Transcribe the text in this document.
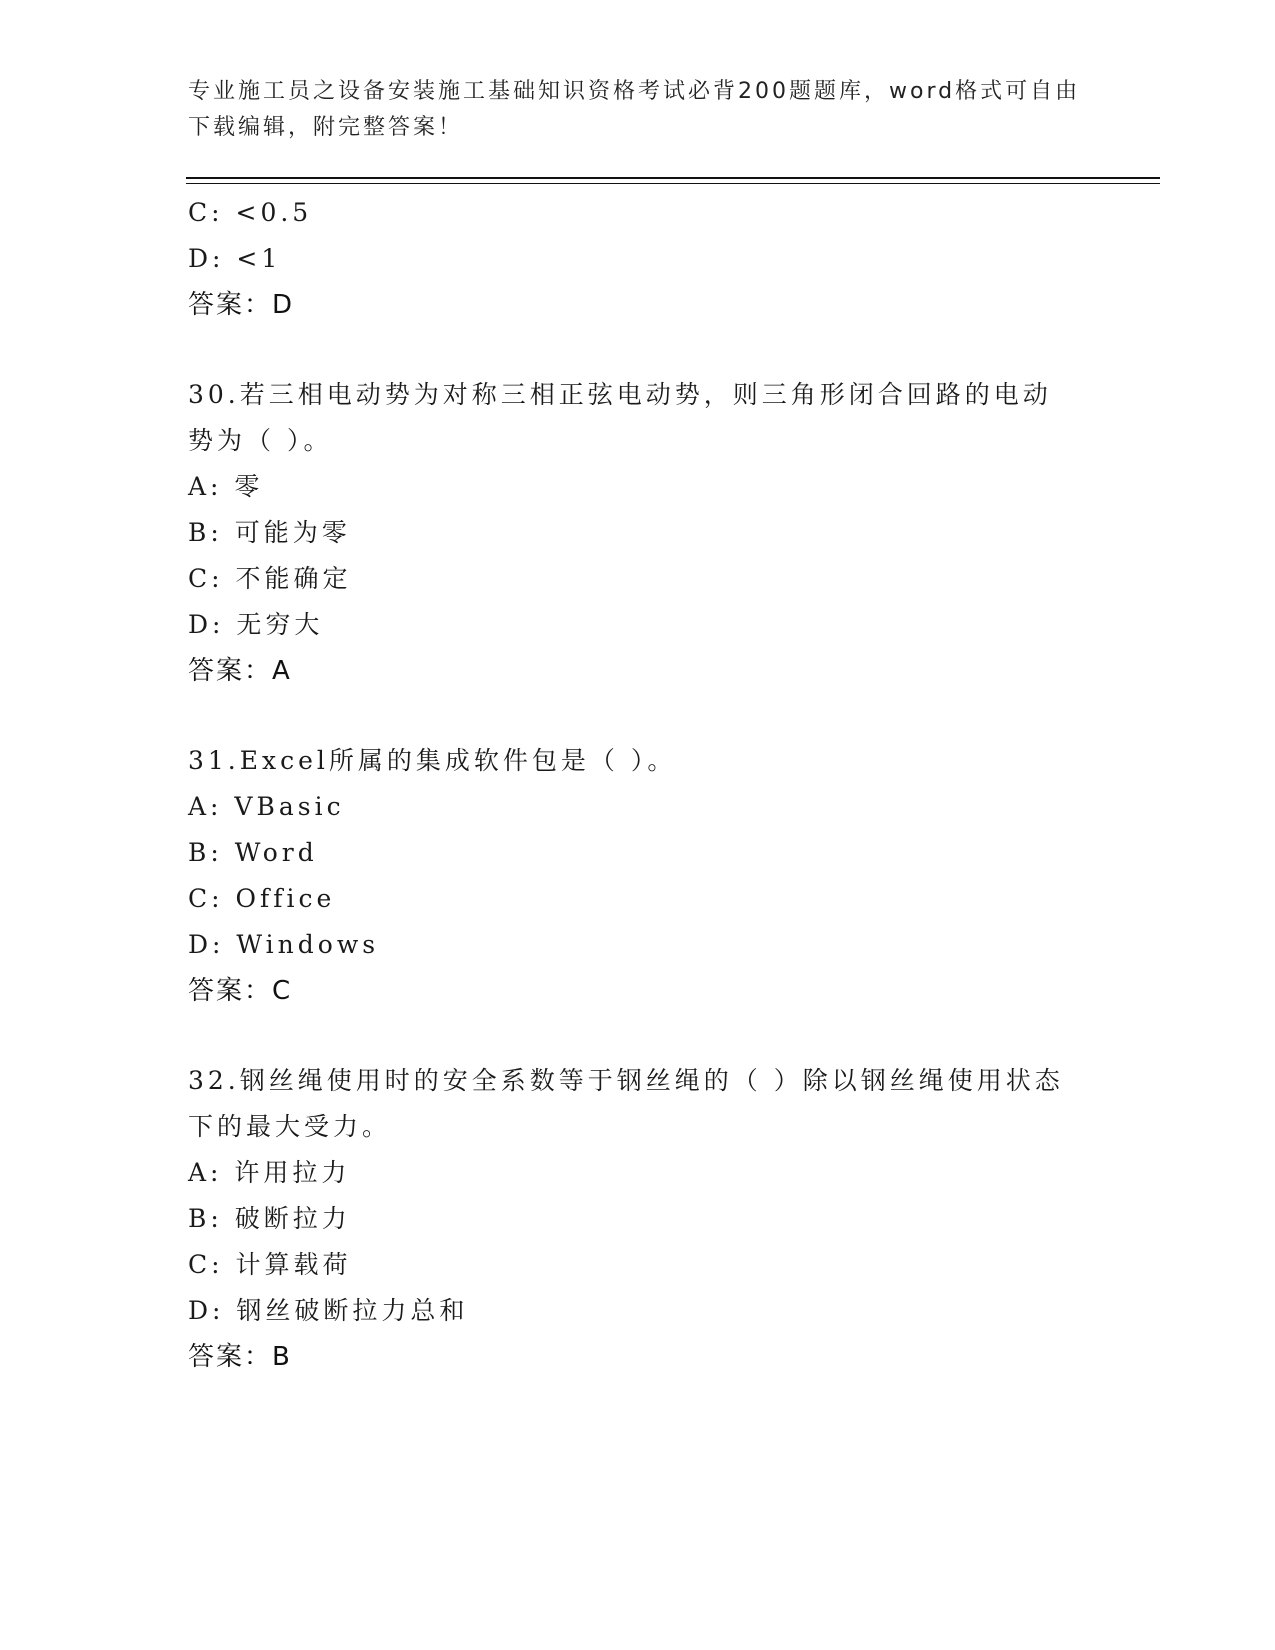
专业施工员之设备安装施工基础知识资格考试必背200题题库，word格式可自由
下载编辑，附完整答案！
C: <0.5
D: <1
答案：D
30.若三相电动势为对称三相正弦电动势，则三角形闭合回路的电动势为（ ）。
A: 零
B: 可能为零
C: 不能确定
D: 无穷大
答案：A
31.Excel所属的集成软件包是（ ）。
A: VBasic
B: Word
C: Office
D: Windows
答案：C
32.钢丝绳使用时的安全系数等于钢丝绳的（ ）除以钢丝绳使用状态下的最大受力。
A: 许用拉力
B: 破断拉力
C: 计算载荷
D: 钢丝破断拉力总和
答案：B
